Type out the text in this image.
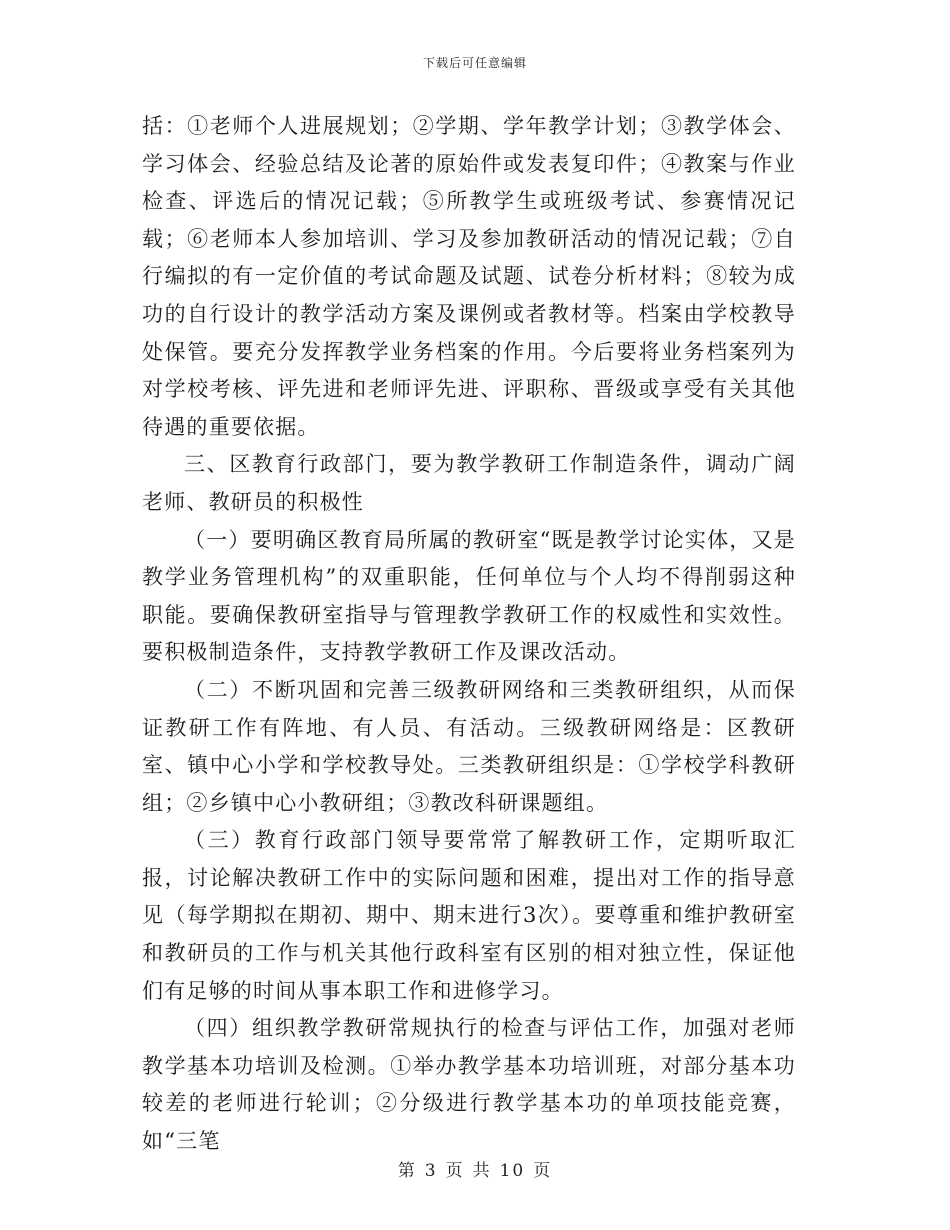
下载后可任意编辑

括：①老师个人进展规划；②学期、学年教学计划；③教学体会、学习体会、经验总结及论著的原始件或发表复印件；④教案与作业检查、评选后的情况记载；⑤所教学生或班级考试、参赛情况记载；⑥老师本人参加培训、学习及参加教研活动的情况记载；⑦自行编拟的有一定价值的考试命题及试题、试卷分析材料；⑧较为成功的自行设计的教学活动方案及课例或者教材等。档案由学校教导处保管。要充分发挥教学业务档案的作用。今后要将业务档案列为对学校考核、评先进和老师评先进、评职称、晋级或享受有关其他待遇的重要依据。

三、区教育行政部门，要为教学教研工作制造条件，调动广阔老师、教研员的积极性

（一）要明确区教育局所属的教研室“既是教学讨论实体，又是教学业务管理机构”的双重职能，任何单位与个人均不得削弱这种职能。要确保教研室指导与管理教学教研工作的权威性和实效性。要积极制造条件，支持教学教研工作及课改活动。

（二）不断巩固和完善三级教研网络和三类教研组织，从而保证教研工作有阵地、有人员、有活动。三级教研网络是：区教研室、镇中心小学和学校教导处。三类教研组织是：①学校学科教研组；②乡镇中心小教研组；③教改科研课题组。

（三）教育行政部门领导要常常了解教研工作，定期听取汇报，讨论解决教研工作中的实际问题和困难，提出对工作的指导意见（每学期拟在期初、期中、期末进行3次）。要尊重和维护教研室和教研员的工作与机关其他行政科室有区别的相对独立性，保证他们有足够的时间从事本职工作和进修学习。

（四）组织教学教研常规执行的检查与评估工作，加强对老师教学基本功培训及检测。①举办教学基本功培训班，对部分基本功较差的老师进行轮训；②分级进行教学基本功的单项技能竞赛，如“三笔

第 3 页 共 10 页
